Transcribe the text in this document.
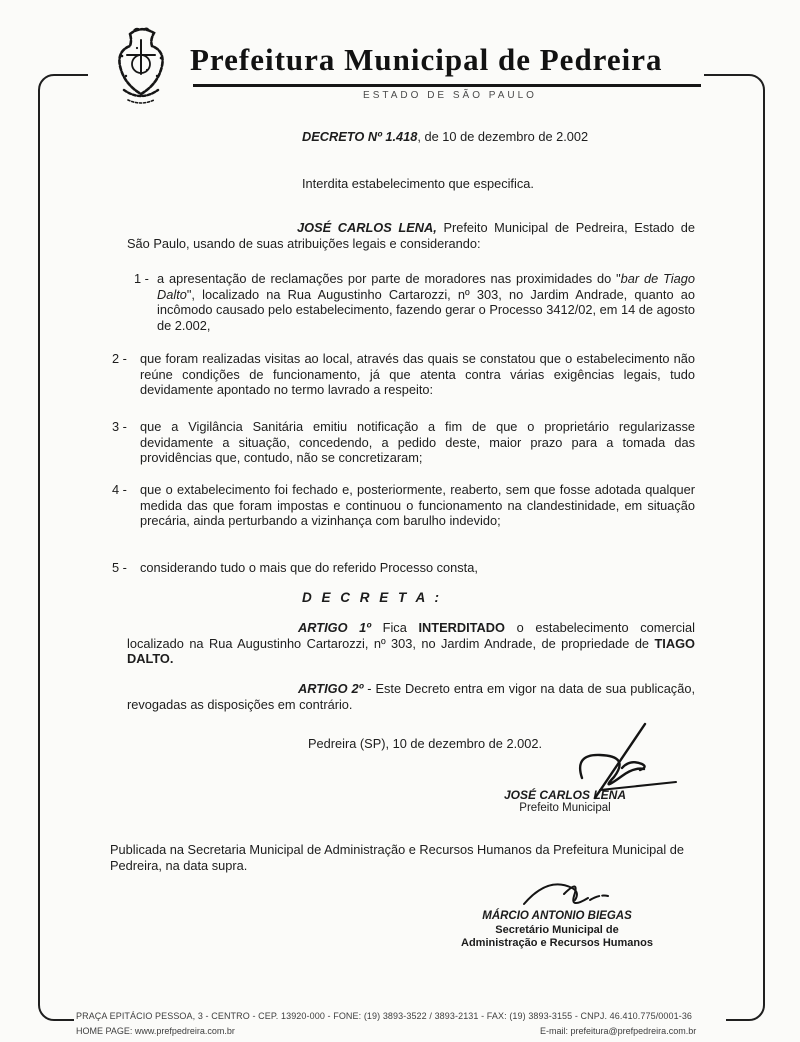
Prefeitura Municipal de Pedreira
ESTADO DE SÃO PAULO
DECRETO Nº 1.418, de 10 de dezembro de 2.002
Interdita estabelecimento que especifica.
JOSÉ CARLOS LENA, Prefeito Municipal de Pedreira, Estado de São Paulo, usando de suas atribuições legais e considerando:
1 - a apresentação de reclamações por parte de moradores nas proximidades do "bar de Tiago Dalto", localizado na Rua Augustinho Cartarozzi, nº 303, no Jardim Andrade, quanto ao incômodo causado pelo estabelecimento, fazendo gerar o Processo 3412/02, em 14 de agosto de 2.002,
2 - que foram realizadas visitas ao local, através das quais se constatou que o estabelecimento não reúne condições de funcionamento, já que atenta contra várias exigências legais, tudo devidamente apontado no termo lavrado a respeito:
3 - que a Vigilância Sanitária emitiu notificação a fim de que o proprietário regularizasse devidamente a situação, concedendo, a pedido deste, maior prazo para a tomada das providências que, contudo, não se concretizaram;
4 - que o extabelecimento foi fechado e, posteriormente, reaberto, sem que fosse adotada qualquer medida das que foram impostas e continuou o funcionamento na clandestinidade, em situação precária, ainda perturbando a vizinhança com barulho indevido;
5 - considerando tudo o mais que do referido Processo consta,
D E C R E T A :
ARTIGO 1º Fica INTERDITADO o estabelecimento comercial localizado na Rua Augustinho Cartarozzi, nº 303, no Jardim Andrade, de propriedade de TIAGO DALTO.
ARTIGO 2º - Este Decreto entra em vigor na data de sua publicação, revogadas as disposições em contrário.
Pedreira (SP), 10 de dezembro de 2.002.
JOSÉ CARLOS LENA
Prefeito Municipal
Publicada na Secretaria Municipal de Administração e Recursos Humanos da Prefeitura Municipal de Pedreira, na data supra.
MÁRCIO ANTONIO BIEGAS
Secretário Municipal de
Administração e Recursos Humanos
PRAÇA EPITÁCIO PESSOA, 3 - CENTRO - CEP. 13920-000 - FONE: (19) 3893-3522 / 3893-2131 - FAX: (19) 3893-3155 - CNPJ. 46.410.775/0001-36
HOME PAGE: www.prefpedreira.com.br	E-mail: prefeitura@prefpedreira.com.br
